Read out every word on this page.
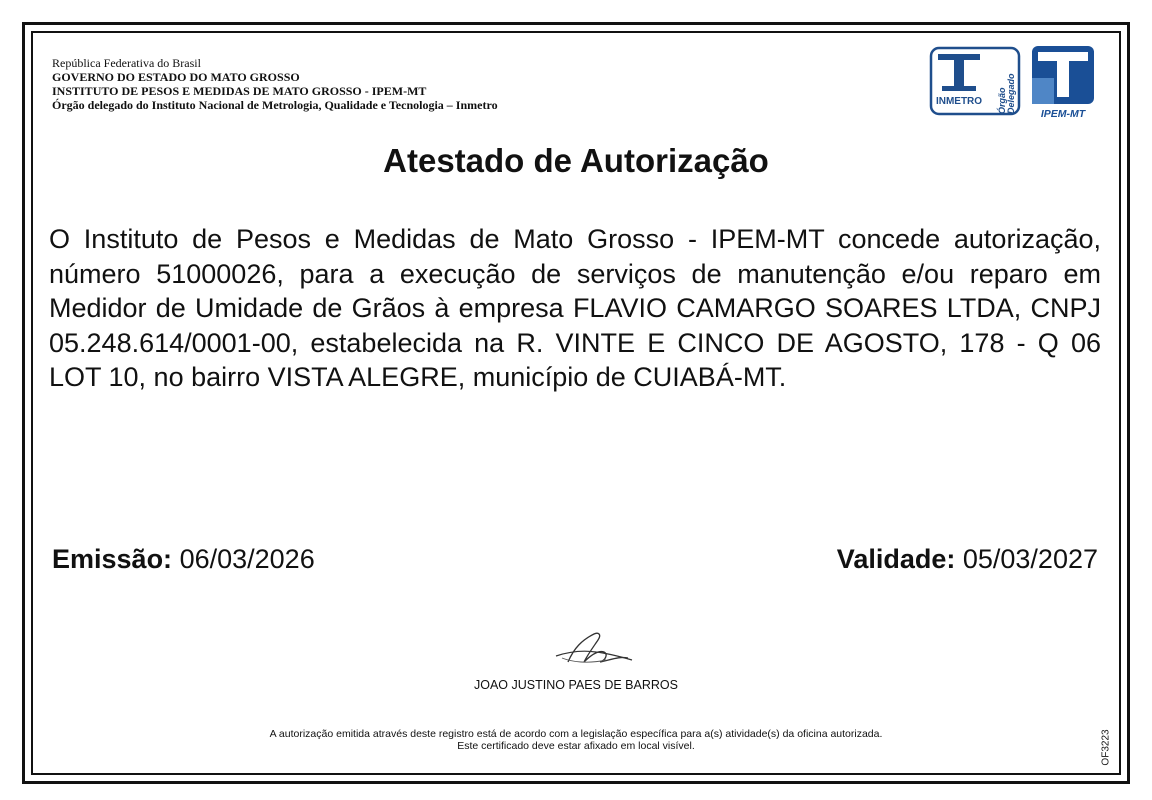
República Federativa do Brasil
GOVERNO DO ESTADO DO MATO GROSSO
INSTITUTO DE PESOS E MEDIDAS DE MATO GROSSO - IPEM-MT
Órgão delegado do Instituto Nacional de Metrologia, Qualidade e Tecnologia – Inmetro	INMETRO Órgão Delegado IPEM-MT
Atestado de Autorização
O Instituto de Pesos e Medidas de Mato Grosso - IPEM-MT concede autorização, número 51000026, para a execução de serviços de manutenção e/ou reparo em Medidor de Umidade de Grãos à empresa FLAVIO CAMARGO SOARES LTDA, CNPJ 05.248.614/0001-00, estabelecida na R. VINTE E CINCO DE AGOSTO, 178 - Q 06 LOT 10, no bairro VISTA ALEGRE, município de CUIABÁ-MT.
Emissão: 06/03/2026	Validade: 05/03/2027
JOAO JUSTINO PAES DE BARROS
A autorização emitida através deste registro está de acordo com a legislação específica para a(s) atividade(s) da oficina autorizada.
Este certificado deve estar afixado em local visível.	OF3223
